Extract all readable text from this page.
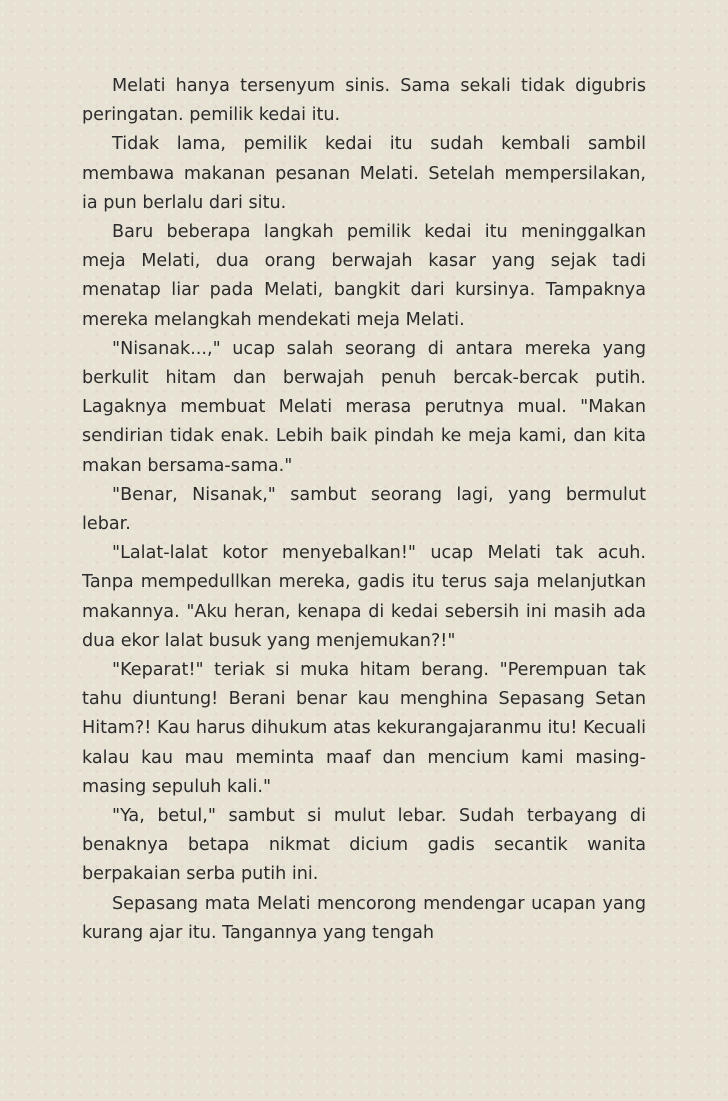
Melati hanya tersenyum sinis. Sama sekali tidak digubris peringatan. pemilik kedai itu.

Tidak lama, pemilik kedai itu sudah kembali sambil membawa makanan pesanan Melati. Setelah mempersilakan, ia pun berlalu dari situ.

Baru beberapa langkah pemilik kedai itu meninggalkan meja Melati, dua orang berwajah kasar yang sejak tadi menatap liar pada Melati, bangkit dari kursinya. Tampaknya mereka melangkah mendekati meja Melati.

"Nisanak...," ucap salah seorang di antara mereka yang berkulit hitam dan berwajah penuh bercak-bercak putih. Lagaknya membuat Melati merasa perutnya mual. "Makan sendirian tidak enak. Lebih baik pindah ke meja kami, dan kita makan bersama-sama."

"Benar, Nisanak," sambut seorang lagi, yang bermulut lebar.

"Lalat-lalat kotor menyebalkan!" ucap Melati tak acuh. Tanpa mempedullkan mereka, gadis itu terus saja melanjutkan makannya. "Aku heran, kenapa di kedai sebersih ini masih ada dua ekor lalat busuk yang menjemukan?!"

"Keparat!" teriak si muka hitam berang. "Perempuan tak tahu diuntung! Berani benar kau menghina Sepasang Setan Hitam?! Kau harus dihukum atas kekurangajaranmu itu! Kecuali kalau kau mau meminta maaf dan mencium kami masing-masing sepuluh kali."

"Ya, betul," sambut si mulut lebar. Sudah terbayang di benaknya betapa nikmat dicium gadis secantik wanita berpakaian serba putih ini.

Sepasang mata Melati mencorong mendengar ucapan yang kurang ajar itu. Tangannya yang tengah
